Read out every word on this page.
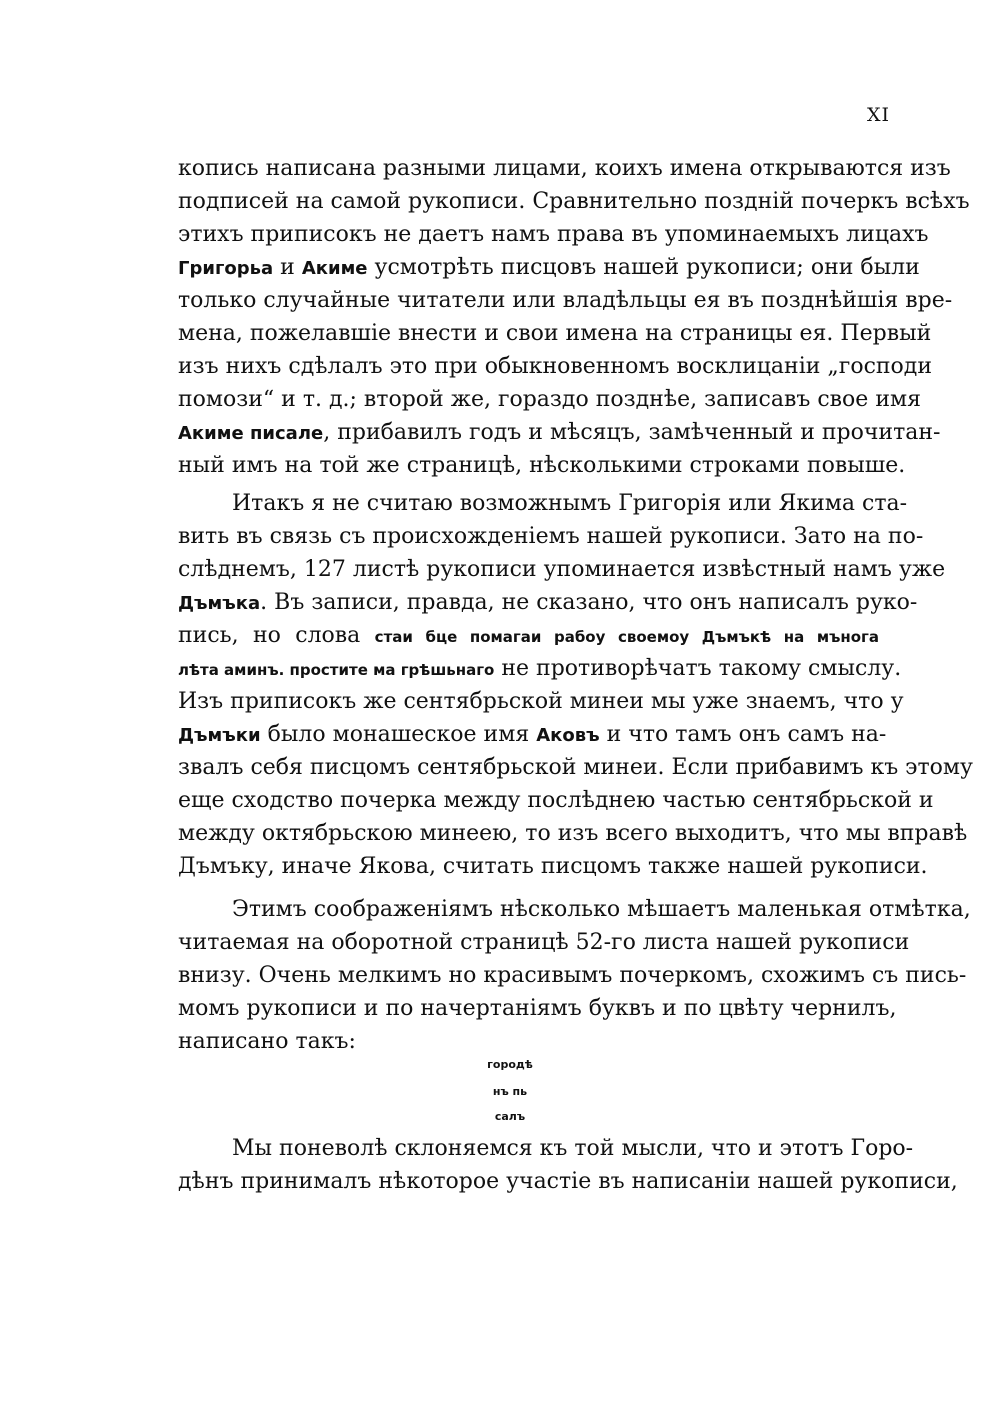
XI
копись написана разными лицами, коихъ имена открываются изъ
подписей на самой рукописи. Сравнительно поздній почеркъ всѣхъ
этихъ приписокъ не даетъ намъ права въ упоминаемыхъ лицахъ
Григорьа и Акиме усмотрѣть писцовъ нашей рукописи; они были
только случайные читатели или владѣльцы ея въ позднѣйшія вре-
мена, пожелавшіе внести и свои имена на страницы ея. Первый
изъ нихъ сдѣлалъ это при обыкновенномъ восклицаніи „господи
помози“ и т. д.; второй же, гораздо позднѣе, записавъ свое имя
Акиме писале, прибавилъ годъ и мѣсяцъ, замѣченный и прочитан-
ный имъ на той же страницѣ, нѣсколькими строками повыше.
Итакъ я не считаю возможнымъ Григорія или Якима ста-
вить въ связь съ происхожденіемъ нашей рукописи. Зато на по-
слѣднемъ, 127 листѣ рукописи упоминается извѣстный намъ уже
Дъмъка. Въ записи, правда, не сказано, что онъ написалъ руко-
пись, но слова стаи бце помагаи рабоу своемоу Дъмъкѣ на мънога
лѣта аминъ. простите ма грѣшьнаго не противорѣчатъ такому смыслу.
Изъ приписокъ же сентябрьской минеи мы уже знаемъ, что у
Дъмъки было монашеское имя Аковъ и что тамъ онъ самъ на-
звалъ себя писцомъ сентябрьской минеи. Если прибавимъ къ этому
еще сходство почерка между послѣднею частью сентябрьской и
между октябрьскою минеею, то изъ всего выходитъ, что мы вправѣ
Дъмъку, иначе Якова, считать писцомъ также нашей рукописи.
Этимъ соображеніямъ нѣсколько мѣшаетъ маленькая отмѣтка,
читаемая на оборотной страницѣ 52-го листа нашей рукописи
внизу. Очень мелкимъ но красивымъ почеркомъ, схожимъ съ пись-
момъ рукописи и по начертаніямъ буквъ и по цвѣту чернилъ,
написано такъ:
городѣ
нъ пь
салъ
Мы поневолѣ склоняемся къ той мысли, что и этотъ Горо-
дѣнъ принималъ нѣкоторое участіе въ написаніи нашей рукописи,
